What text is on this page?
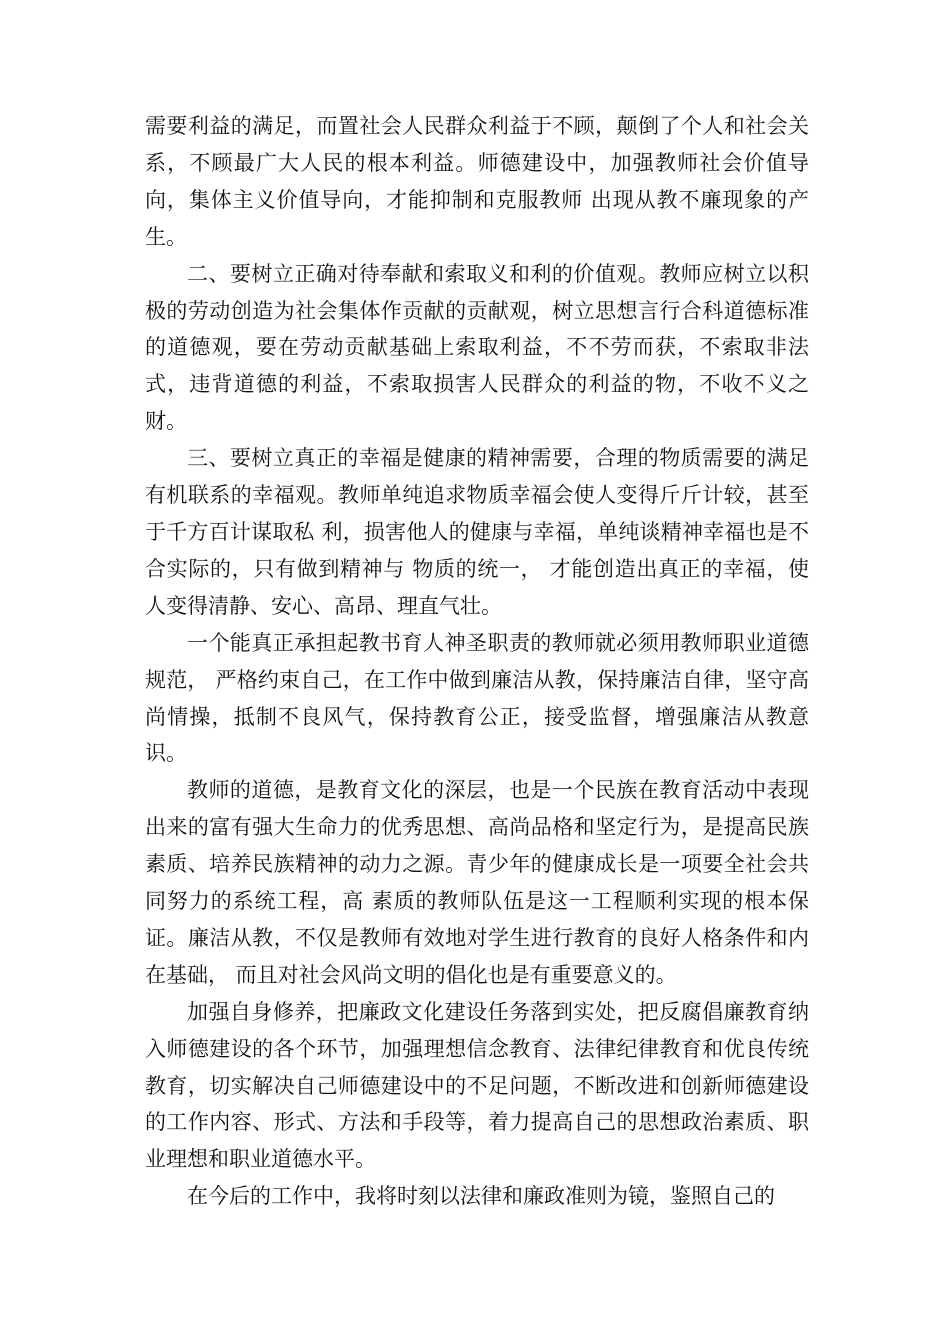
需要利益的满足，而置社会人民群众利益于不顾，颠倒了个人和社会关系，不顾最广大人民的根本利益。师德建设中，加强教师社会价值导向，集体主义价值导向，才能抑制和克服教师 出现从教不廉现象的产生。

二、要树立正确对待奉献和索取义和利的价值观。教师应树立以积极的劳动创造为社会集体作贡献的贡献观，树立思想言行合科道德标准的道德观，要在劳动贡献基础上索取利益，不不劳而获，不索取非法式，违背道德的利益，不索取损害人民群众的利益的物，不收不义之财。

三、要树立真正的幸福是健康的精神需要，合理的物质需要的满足有机联系的幸福观。教师单纯追求物质幸福会使人变得斤斤计较，甚至于千方百计谋取私 利，损害他人的健康与幸福，单纯谈精神幸福也是不合实际的，只有做到精神与 物质的统一， 才能创造出真正的幸福，使人变得清静、安心、高昂、理直气壮。

一个能真正承担起教书育人神圣职责的教师就必须用教师职业道德规范， 严格约束自己，在工作中做到廉洁从教，保持廉洁自律，坚守高尚情操，抵制不良风气，保持教育公正，接受监督，增强廉洁从教意识。

教师的道德，是教育文化的深层，也是一个民族在教育活动中表现出来的富有强大生命力的优秀思想、高尚品格和坚定行为，是提高民族素质、培养民族精神的动力之源。青少年的健康成长是一项要全社会共同努力的系统工程，高 素质的教师队伍是这一工程顺利实现的根本保证。廉洁从教，不仅是教师有效地对学生进行教育的良好人格条件和内在基础， 而且对社会风尚文明的倡化也是有重要意义的。

加强自身修养，把廉政文化建设任务落到实处，把反腐倡廉教育纳入师德建设的各个环节，加强理想信念教育、法律纪律教育和优良传统教育，切实解决自己师德建设中的不足问题，不断改进和创新师德建设的工作内容、形式、方法和手段等，着力提高自己的思想政治素质、职业理想和职业道德水平。

在今后的工作中，我将时刻以法律和廉政准则为镜，鉴照自己的
